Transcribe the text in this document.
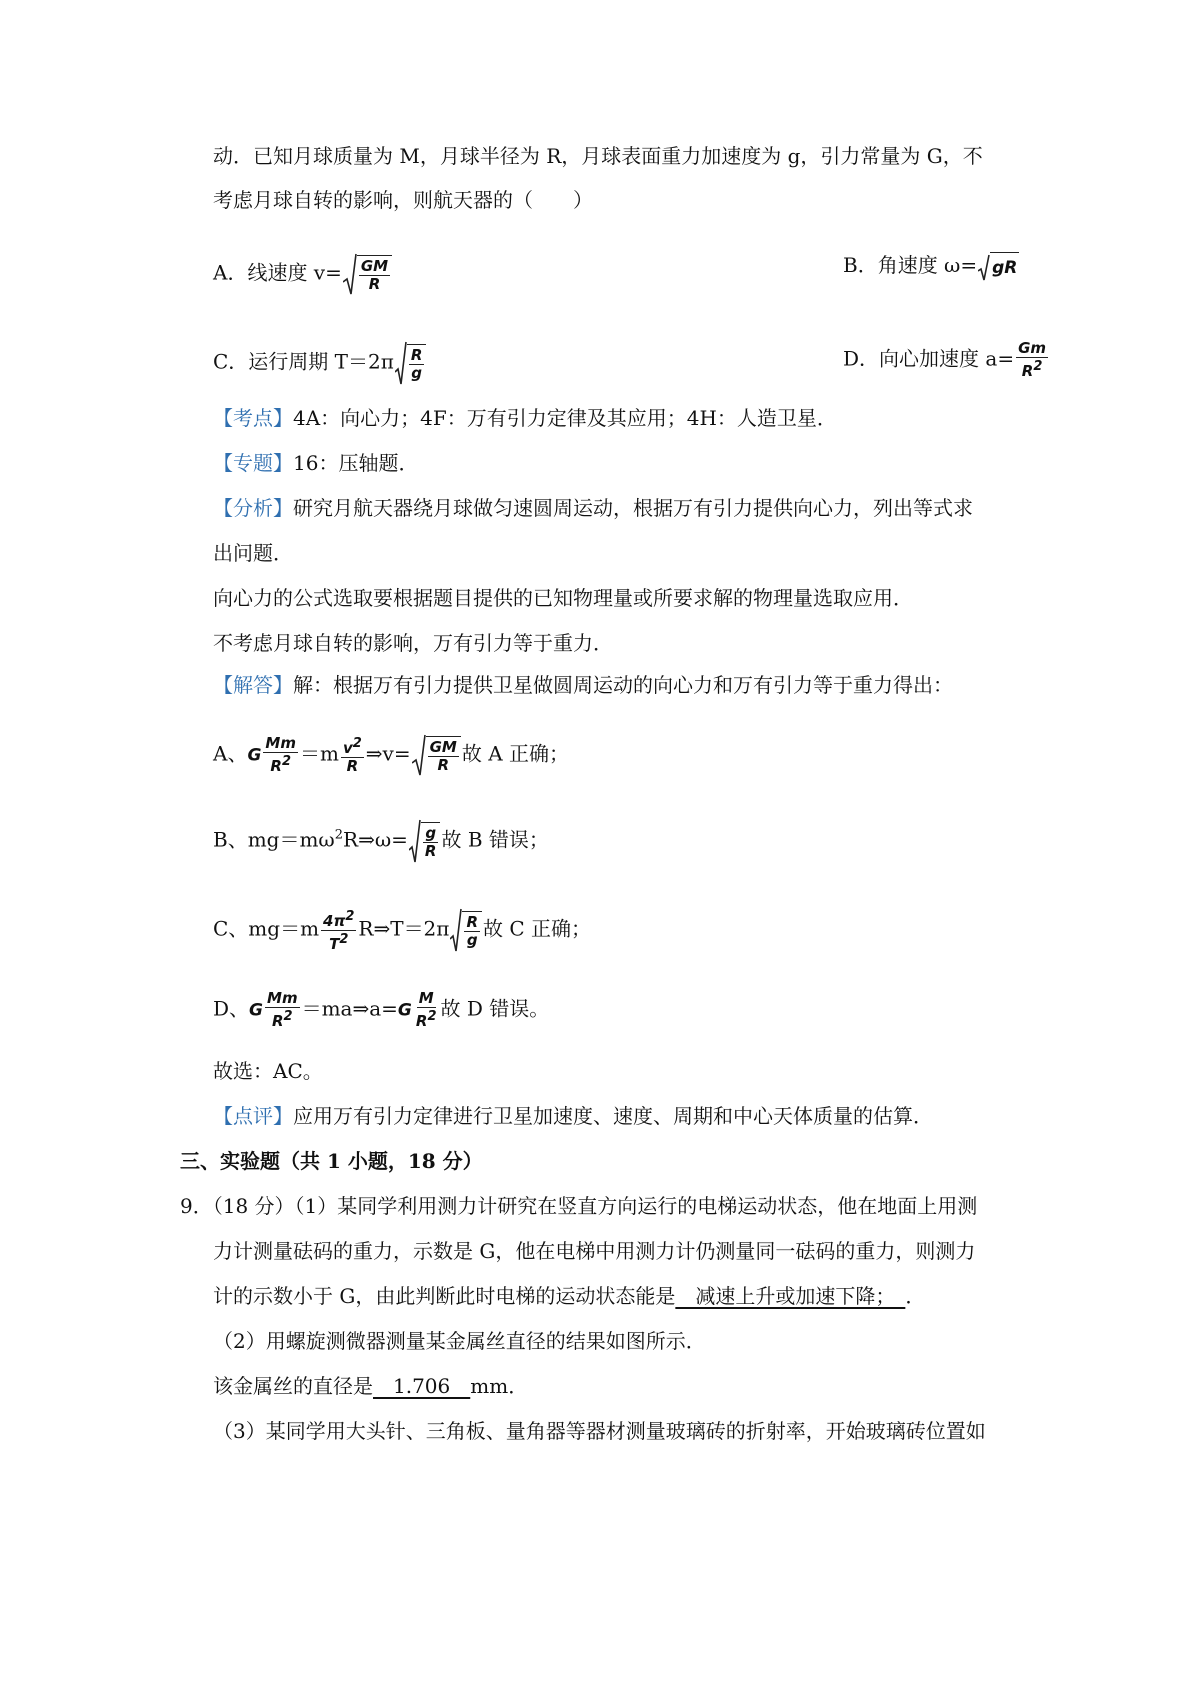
动．已知月球质量为 M，月球半径为 R，月球表面重力加速度为 g，引力常量为 G，不
考虑月球自转的影响，则航天器的（　　）
A．线速度 $v= \frac{GM}{R}$	B．角速度 ω= gR
C．运行周期 $T=2\pi \frac{R}{g}$	D．向心加速度 $a= \frac{Gm}{R^2}$
【考点】4A：向心力；4F：万有引力定律及其应用；4H：人造卫星．
【专题】16：压轴题．
【分析】研究月航天器绕月球做匀速圆周运动，根据万有引力提供向心力，列出等式求
出问题．
向心力的公式选取要根据题目提供的已知物理量或所要求解的物理量选取应用．
不考虑月球自转的影响，万有引力等于重力．
【解答】解：根据万有引力提供卫星做圆周运动的向心力和万有引力等于重力得出：
A、G $\frac{Mm}{R^2} =m \frac{v^2}{R}$ ⇒v= $\frac{GM}{R}$ 故 A 正确；
B、$mg=m\omega^2R\Rightarrow\omega= \frac{g}{R}$ 故 B 错误；
C、$mg=m \frac{4\pi^2}{T^2}$ R⇒T＝2π $\frac{R}{g}$ 故 C 正确；
D、G $\frac{Mm}{R^2}$ ＝ma⇒a=G $\frac{M}{R^2}$ 故 D 错误。
故选：AC。
【点评】应用万有引力定律进行卫星加速度、速度、周期和中心天体质量的估算．
三、实验题（共 1 小题，18 分）
9．（18 分）（1）某同学利用测力计研究在竖直方向运行的电梯运动状态，他在地面上用测
力计测量砝码的重力，示数是 G，他在电梯中用测力计仍测量同一砝码的重力，则测力
计的示数小于 G，由此判断此时电梯的运动状态能是　减速上升或加速下降；　．
（2）用螺旋测微器测量某金属丝直径的结果如图所示．
该金属丝的直径是　1.706　mm．
（3）某同学用大头针、三角板、量角器等器材测量玻璃砖的折射率，开始玻璃砖位置如
